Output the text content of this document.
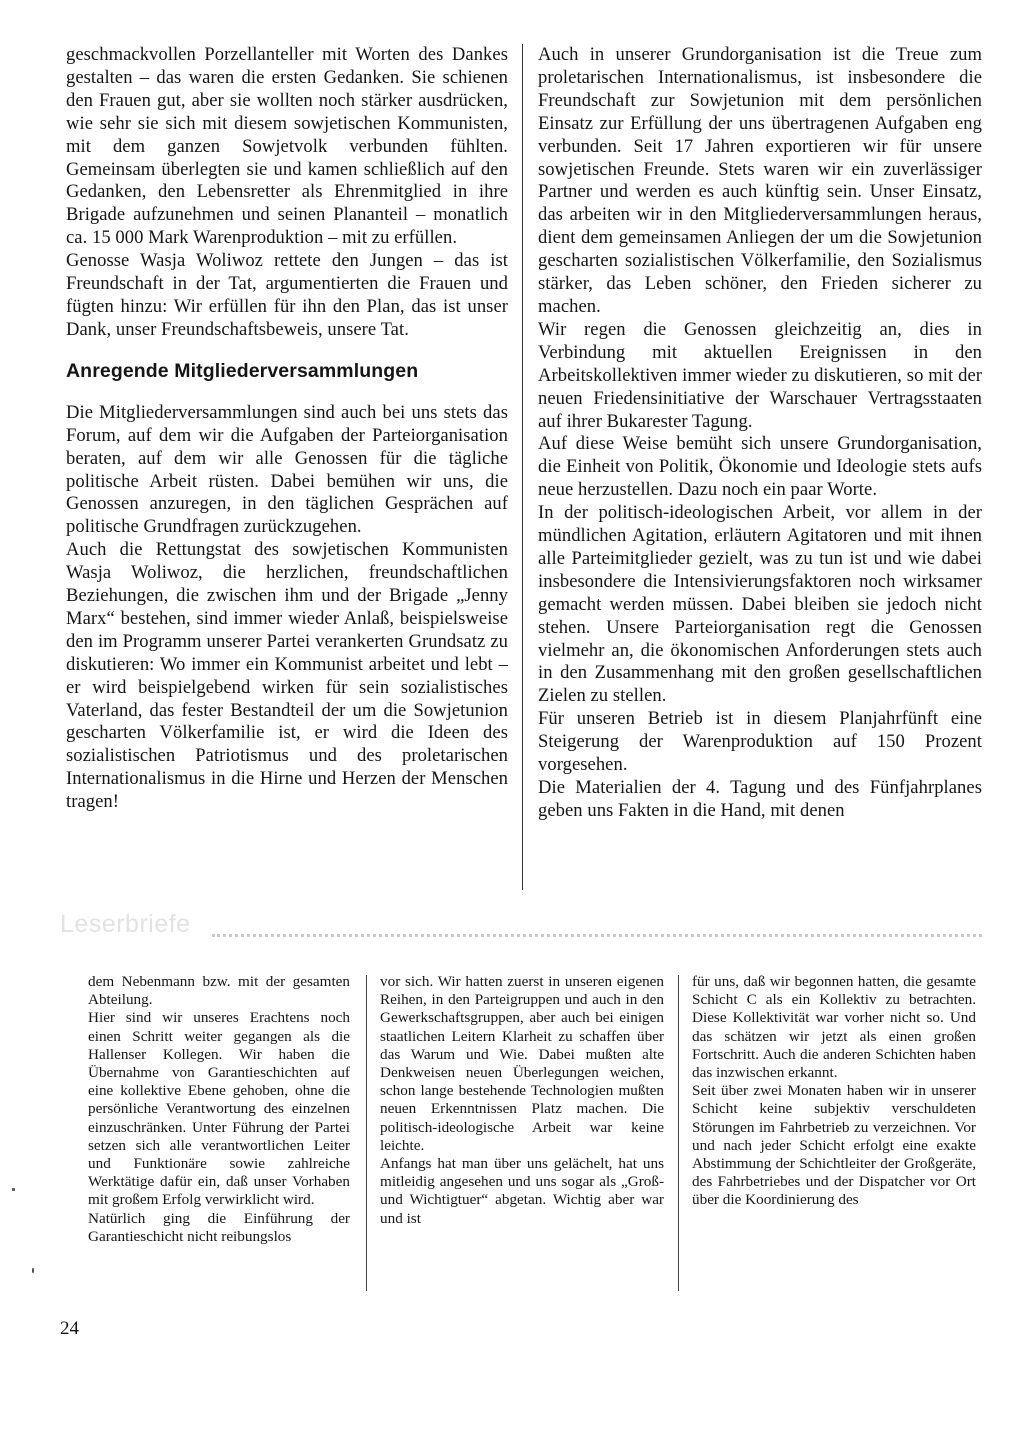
geschmackvollen Porzellanteller mit Worten des Dankes gestalten – das waren die ersten Gedanken. Sie schienen den Frauen gut, aber sie wollten noch stärker ausdrücken, wie sehr sie sich mit diesem sowjetischen Kommunisten, mit dem ganzen Sowjetvolk verbunden fühlten. Gemeinsam überlegten sie und kamen schließlich auf den Gedanken, den Lebensretter als Ehrenmitglied in ihre Brigade aufzunehmen und seinen Plananteil – monatlich ca. 15 000 Mark Warenproduktion – mit zu erfüllen.

Genosse Wasja Woliwoz rettete den Jungen – das ist Freundschaft in der Tat, argumentierten die Frauen und fügten hinzu: Wir erfüllen für ihn den Plan, das ist unser Dank, unser Freundschaftsbeweis, unsere Tat.

Anregende Mitgliederversammlungen

Die Mitgliederversammlungen sind auch bei uns stets das Forum, auf dem wir die Aufgaben der Parteiorganisation beraten, auf dem wir alle Genossen für die tägliche politische Arbeit rüsten. Dabei bemühen wir uns, die Genossen anzuregen, in den täglichen Gesprächen auf politische Grundfragen zurückzugehen.

Auch die Rettungstat des sowjetischen Kommunisten Wasja Woliwoz, die herzlichen, freundschaftlichen Beziehungen, die zwischen ihm und der Brigade „Jenny Marx“ bestehen, sind immer wieder Anlaß, beispielsweise den im Programm unserer Partei verankerten Grundsatz zu diskutieren: Wo immer ein Kommunist arbeitet und lebt – er wird beispielgebend wirken für sein sozialistisches Vaterland, das fester Bestandteil der um die Sowjetunion gescharten Völkerfamilie ist, er wird die Ideen des sozialistischen Patriotismus und des proletarischen Internationalismus in die Hirne und Herzen der Menschen tragen!

Auch in unserer Grundorganisation ist die Treue zum proletarischen Internationalismus, ist insbesondere die Freundschaft zur Sowjetunion mit dem persönlichen Einsatz zur Erfüllung der uns übertragenen Aufgaben eng verbunden. Seit 17 Jahren exportieren wir für unsere sowjetischen Freunde. Stets waren wir ein zuverlässiger Partner und werden es auch künftig sein. Unser Einsatz, das arbeiten wir in den Mitgliederversammlungen heraus, dient dem gemeinsamen Anliegen der um die Sowjetunion gescharten sozialistischen Völkerfamilie, den Sozialismus stärker, das Leben schöner, den Frieden sicherer zu machen.

Wir regen die Genossen gleichzeitig an, dies in Verbindung mit aktuellen Ereignissen in den Arbeitskollektiven immer wieder zu diskutieren, so mit der neuen Friedensinitiative der Warschauer Vertragsstaaten auf ihrer Bukarester Tagung.

Auf diese Weise bemüht sich unsere Grundorganisation, die Einheit von Politik, Ökonomie und Ideologie stets aufs neue herzustellen. Dazu noch ein paar Worte.

In der politisch-ideologischen Arbeit, vor allem in der mündlichen Agitation, erläutern Agitatoren und mit ihnen alle Parteimitglieder gezielt, was zu tun ist und wie dabei insbesondere die Intensivierungsfaktoren noch wirksamer gemacht werden müssen. Dabei bleiben sie jedoch nicht stehen. Unsere Parteiorganisation regt die Genossen vielmehr an, die ökonomischen Anforderungen stets auch in den Zusammenhang mit den großen gesellschaftlichen Zielen zu stellen.

Für unseren Betrieb ist in diesem Planjahrfünft eine Steigerung der Warenproduktion auf 150 Prozent vorgesehen.

Die Materialien der 4. Tagung und des Fünfjahrplanes geben uns Fakten in die Hand, mit denen

Leserbriefe

dem Nebenmann bzw. mit der gesamten Abteilung.

Hier sind wir unseres Erachtens noch einen Schritt weiter gegangen als die Hallenser Kollegen. Wir haben die Übernahme von Garantieschichten auf eine kollektive Ebene gehoben, ohne die persönliche Verantwortung des einzelnen einzuschränken. Unter Führung der Partei setzen sich alle verantwortlichen Leiter und Funktionäre sowie zahlreiche Werktätige dafür ein, daß unser Vorhaben mit großem Erfolg verwirklicht wird.

Natürlich ging die Einführung der Garantieschicht nicht reibungslos

vor sich. Wir hatten zuerst in unseren eigenen Reihen, in den Parteigruppen und auch in den Gewerkschaftsgruppen, aber auch bei einigen staatlichen Leitern Klarheit zu schaffen über das Warum und Wie. Dabei mußten alte Denkweisen neuen Überlegungen weichen, schon lange bestehende Technologien mußten neuen Erkenntnissen Platz machen. Die politisch-ideologische Arbeit war keine leichte.

Anfangs hat man über uns gelächelt, hat uns mitleidig angesehen und uns sogar als „Groß- und Wichtigtuer“ abgetan. Wichtig aber war und ist

für uns, daß wir begonnen hatten, die gesamte Schicht C als ein Kollektiv zu betrachten. Diese Kollektivität war vorher nicht so. Und das schätzen wir jetzt als einen großen Fortschritt. Auch die anderen Schichten haben das inzwischen erkannt.

Seit über zwei Monaten haben wir in unserer Schicht keine subjektiv verschuldeten Störungen im Fahrbetrieb zu verzeichnen. Vor und nach jeder Schicht erfolgt eine exakte Abstimmung der Schichtleiter der Großgeräte, des Fahrbetriebes und der Dispatcher vor Ort über die Koordinierung des

24
